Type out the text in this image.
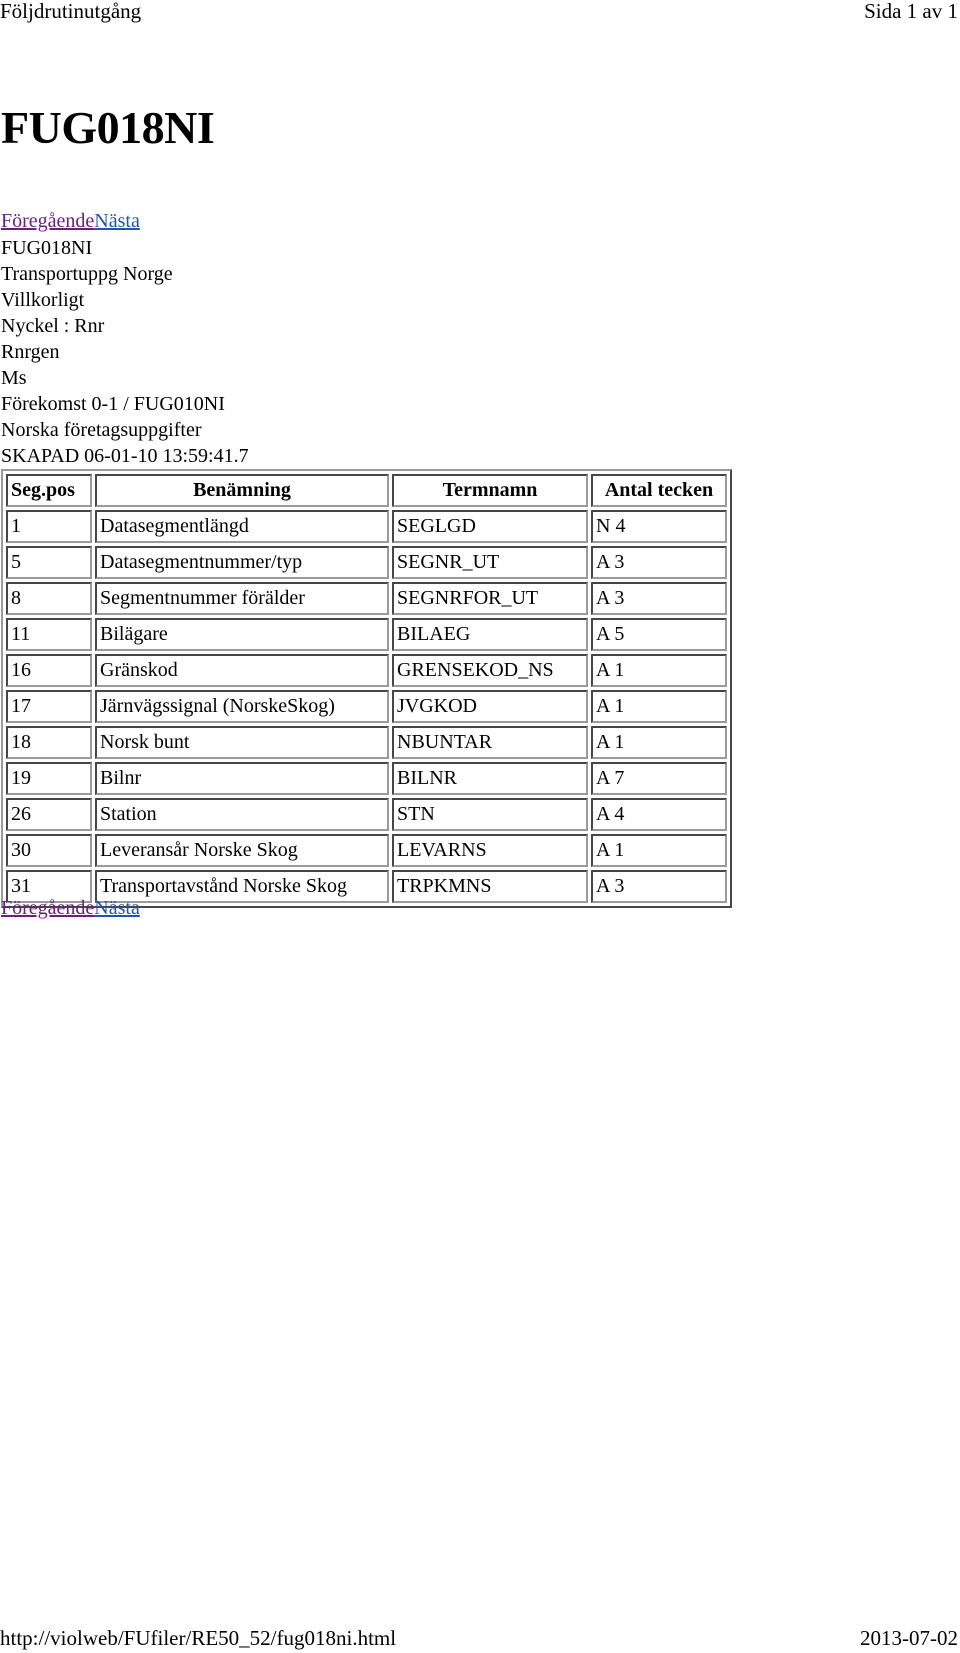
Följdrutinutgång	Sida 1 av 1
FUG018NI
FöregåendeNästa
FUG018NI
Transportuppg Norge
Villkorligt
Nyckel : Rnr
Rnrgen
Ms
Förekomst 0-1 / FUG010NI
Norska företagsuppgifter
SKAPAD 06-01-10 13:59:41.7
Seg.pos	Benämning	Termnamn	Antal tecken
1	Datasegmentlängd	SEGLGD	N 4
5	Datasegmentnummer/typ	SEGNR_UT	A 3
8	Segmentnummer förälder	SEGNRFOR_UT	A 3
11	Bilägare	BILAEG	A 5
16	Gränskod	GRENSEKOD_NS	A 1
17	Järnvägssignal (NorskeSkog)	JVGKOD	A 1
18	Norsk bunt	NBUNTAR	A 1
19	Bilnr	BILNR	A 7
26	Station	STN	A 4
30	Leveransår Norske Skog	LEVARNS	A 1
31	Transportavstånd Norske Skog	TRPKMNS	A 3
FöregåendeNästa
http://violweb/FUfiler/RE50_52/fug018ni.html	2013-07-02
